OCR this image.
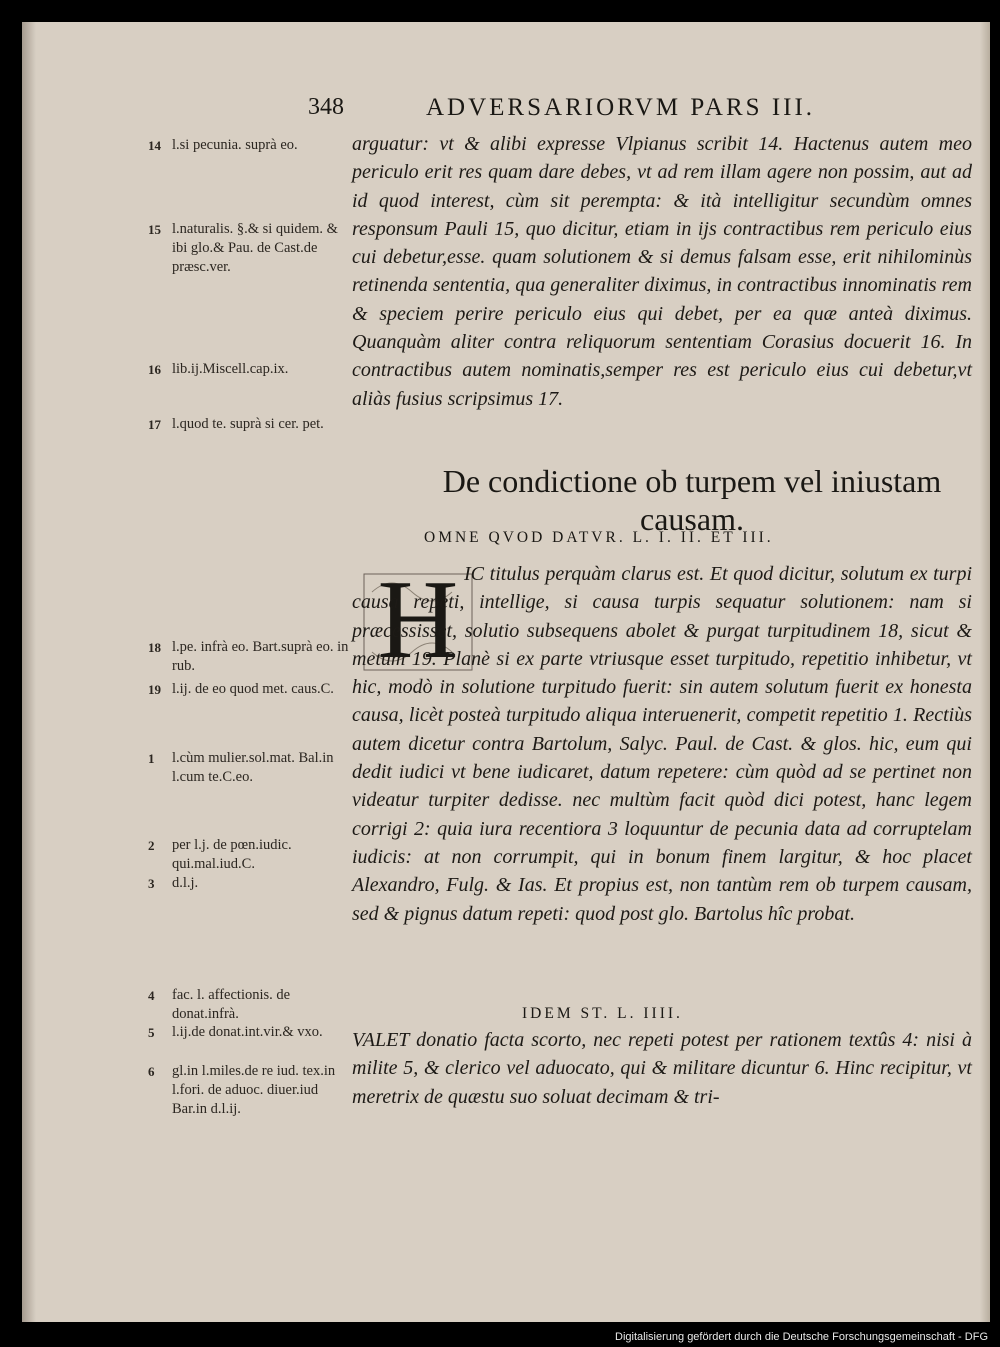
348	ADVERSARIORVM PARS III.
14 l.si pecunia. suprà eo.
15 l.naturalis. §.& si quidem. & ibi glo.& Pau. de Cast.de præsc.ver.
16 lib.ij.Miscell.cap.ix.
17 l.quod te. suprà si cer. pet.
18 l.pe. infrà eo. Bart.suprà eo. in rub.
19 l.ij. de eo quod met. caus.C.
1 l.cùm mulier.sol.mat. Bal.in l.cum te.C.eo.
2 per l.j. de pœn.iudic. qui.mal.iud.C.
3 d.l.j.
4 fac. l. affectionis. de donat.infrà.
5 l.ij.de donat.int.vir.& vxo.
6 gl.in l.miles.de re iud. tex.in l.fori. de aduoc. diuer.iud Bar.in d.l.ij.

arguatur: vt & alibi expresse Vlpianus scribit 14. Hactenus autem meo periculo erit res quam dare debes, vt ad rem illam agere non possim, aut ad id quod interest, cùm sit perempta: & ità intelligitur secundùm omnes responsum Pauli 15, quo dicitur, etiam in ijs contractibus rem periculo eius cui debetur,esse. quam solutionem & si demus falsam esse, erit nihilominùs retinenda sententia, qua generaliter diximus, in contractibus innominatis rem & speciem perire periculo eius qui debet, per ea quæ anteà diximus. Quanquàm aliter contra reliquorum sententiam Corasius docuerit 16. In contractibus autem nominatis,semper res est periculo eius cui debetur,vt aliàs fusius scripsimus 17.

De condictione ob turpem vel iniustam causam.
OMNE QVOD DATVR. L. I. II. ET III.
H IC titulus perquàm clarus est. Et quod dicitur, solutum ex turpi causa repeti, intellige, si causa turpis sequatur solutionem: nam si præcessisset, solutio subsequens abolet & purgat turpitudinem 18, sicut & metum 19. Planè si ex parte vtriusque esset turpitudo, repetitio inhibetur, vt hic, modò in solutione turpitudo fuerit: sin autem solutum fuerit ex honesta causa, licèt posteà turpitudo aliqua interuenerit, competit repetitio 1. Rectiùs autem dicetur contra Bartolum, Salyc. Paul. de Cast. & glos. hic, eum qui dedit iudici vt bene iudicaret, datum repetere: cùm quòd ad se pertinet non videatur turpiter dedisse. nec multùm facit quòd dici potest, hanc legem corrigi 2: quia iura recentiora 3 loquuntur de pecunia data ad corruptelam iudicis: at non corrumpit, qui in bonum finem largitur, & hoc placet Alexandro, Fulg. & Ias. Et propius est, non tantùm rem ob turpem causam, sed & pignus datum repeti: quod post glo. Bartolus hîc probat.

IDEM ST. L. IIII.

VALET donatio facta scorto, nec repeti potest per rationem textûs 4: nisi à milite 5, & clerico vel aduocato, qui & militare dicuntur 6. Hinc recipitur, vt meretrix de quæstu suo soluat decimam & tri-

Digitalisierung gefördert durch die Deutsche Forschungsgemeinschaft - DFG
